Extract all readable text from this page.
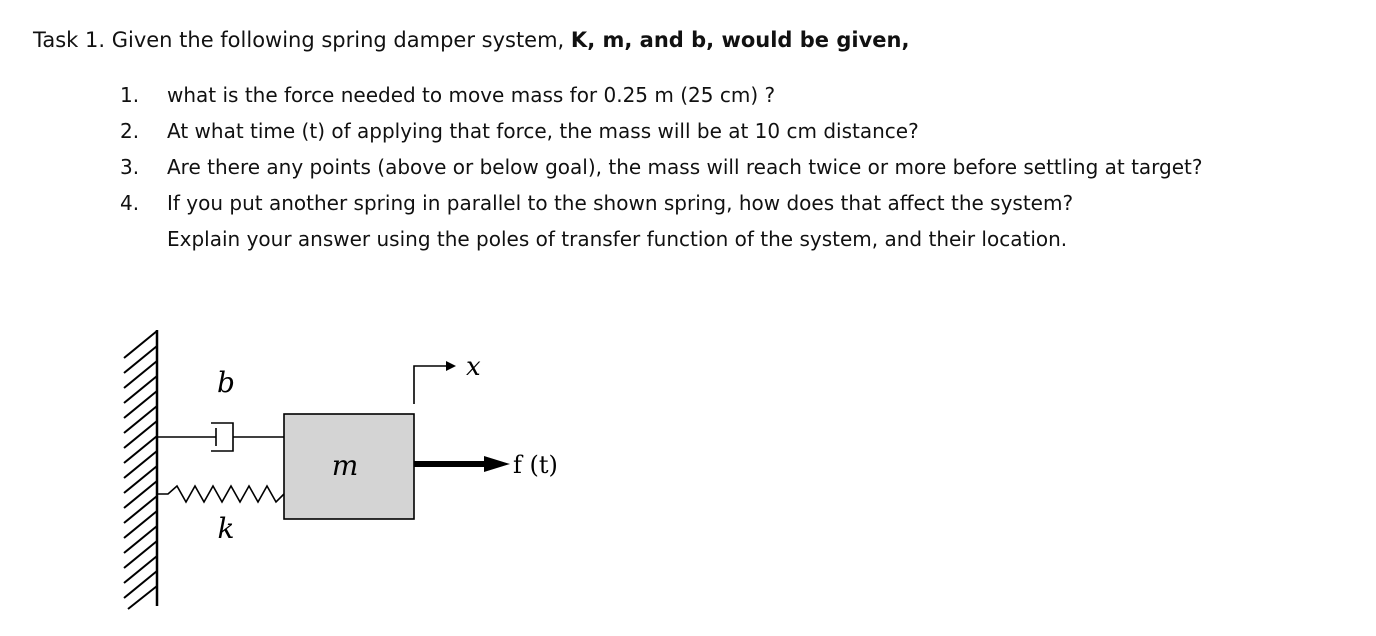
Task 1. Given the following spring damper system, K, m, and b, would be given,
1.	what is the force needed to move mass for 0.25 m (25 cm) ?
2.	At what time (t) of applying that force, the mass will be at 10 cm distance?
3.	Are there any points (above or below goal), the mass will reach twice or more before settling at target?
4.	If you put another spring in parallel to the shown spring, how does that affect the system?
Explain your answer using the poles of transfer function of the system, and their location.
b
k
m
x
f (t)
